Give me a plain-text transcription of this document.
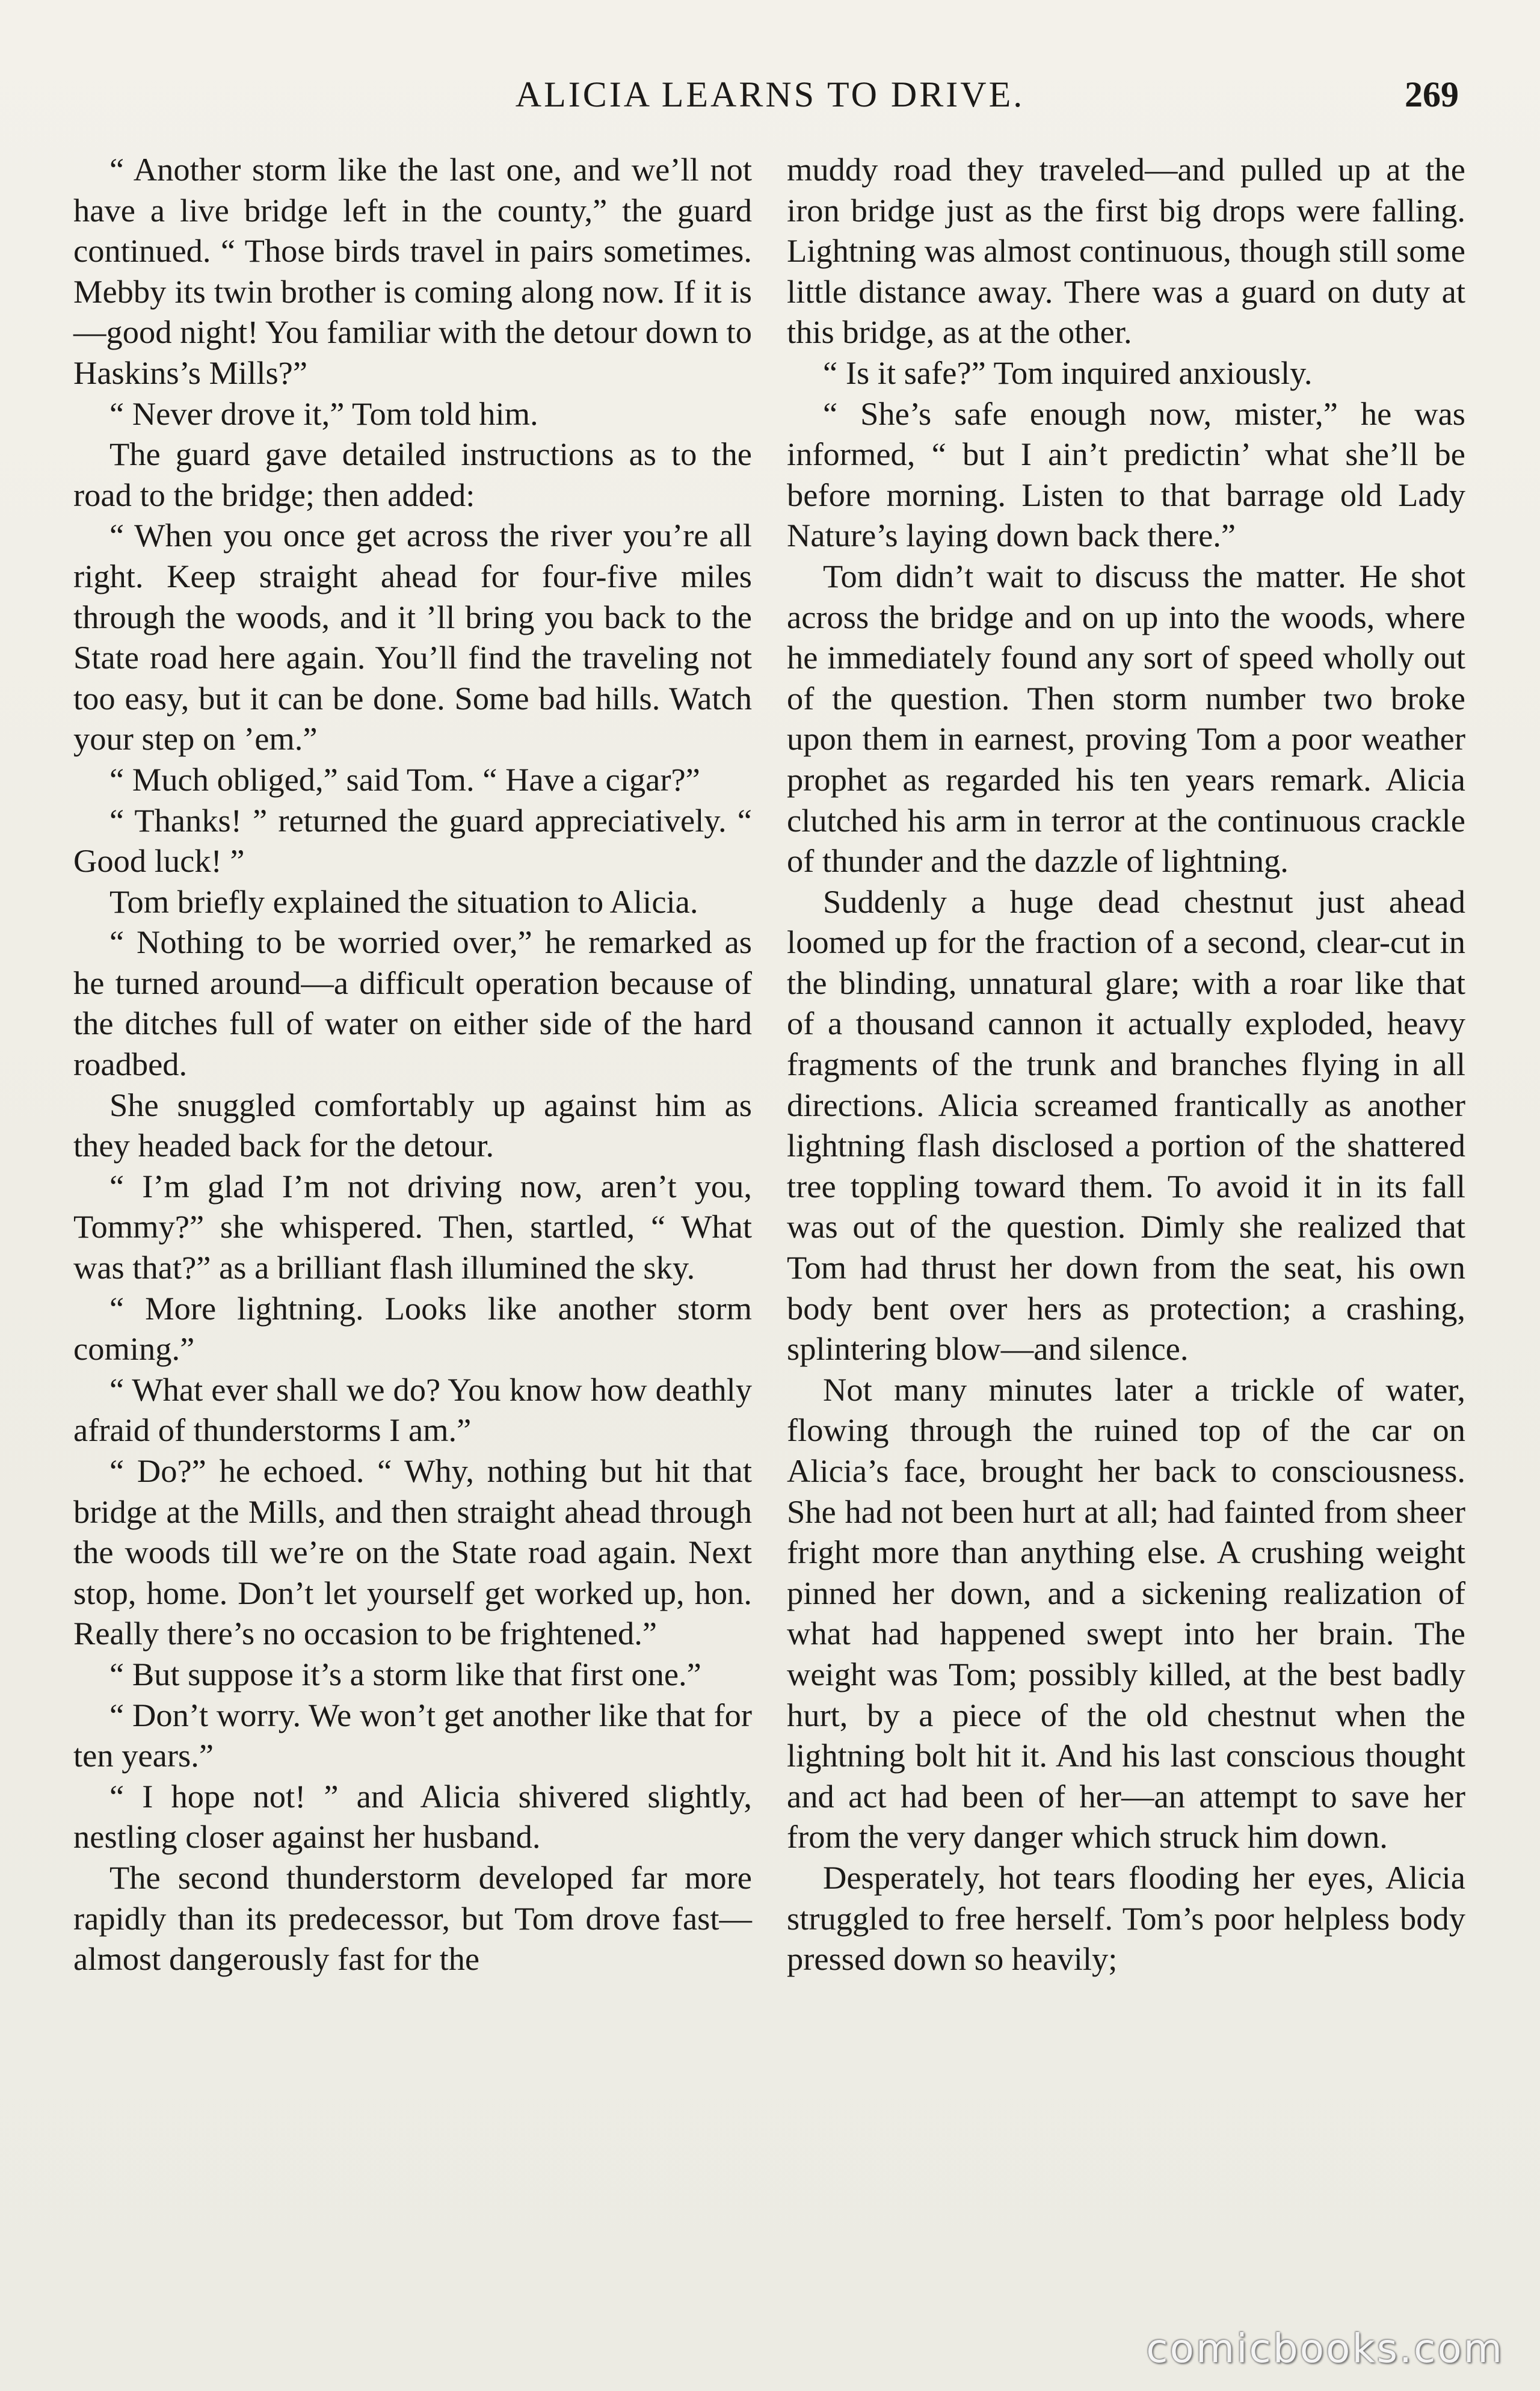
ALICIA LEARNS TO DRIVE.	269

“ Another storm like the last one, and we’ll not have a live bridge left in the county,” the guard continued. “ Those birds travel in pairs sometimes. Mebby its twin brother is coming along now. If it is—good night! You familiar with the detour down to Haskins’s Mills?”

“ Never drove it,” Tom told him.

The guard gave detailed instructions as to the road to the bridge; then added:

“ When you once get across the river you’re all right. Keep straight ahead for four-five miles through the woods, and it ’ll bring you back to the State road here again. You’ll find the traveling not too easy, but it can be done. Some bad hills. Watch your step on ’em.”

“ Much obliged,” said Tom. “ Have a cigar?”

“ Thanks! ” returned the guard appreciatively. “ Good luck! ”

Tom briefly explained the situation to Alicia.

“ Nothing to be worried over,” he remarked as he turned around—a difficult operation because of the ditches full of water on either side of the hard roadbed.

She snuggled comfortably up against him as they headed back for the detour.

“ I’m glad I’m not driving now, aren’t you, Tommy?” she whispered. Then, startled, “ What was that?” as a brilliant flash illumined the sky.

“ More lightning. Looks like another storm coming.”

“ What ever shall we do? You know how deathly afraid of thunderstorms I am.”

“ Do?” he echoed. “ Why, nothing but hit that bridge at the Mills, and then straight ahead through the woods till we’re on the State road again. Next stop, home. Don’t let yourself get worked up, hon. Really there’s no occasion to be frightened.”

“ But suppose it’s a storm like that first one.”

“ Don’t worry. We won’t get another like that for ten years.”

“ I hope not! ” and Alicia shivered slightly, nestling closer against her husband.

The second thunderstorm developed far more rapidly than its predecessor, but Tom drove fast—almost dangerously fast for the

muddy road they traveled—and pulled up at the iron bridge just as the first big drops were falling. Lightning was almost continuous, though still some little distance away. There was a guard on duty at this bridge, as at the other.

“ Is it safe?” Tom inquired anxiously.

“ She’s safe enough now, mister,” he was informed, “ but I ain’t predictin’ what she’ll be before morning. Listen to that barrage old Lady Nature’s laying down back there.”

Tom didn’t wait to discuss the matter. He shot across the bridge and on up into the woods, where he immediately found any sort of speed wholly out of the question. Then storm number two broke upon them in earnest, proving Tom a poor weather prophet as regarded his ten years remark. Alicia clutched his arm in terror at the continuous crackle of thunder and the dazzle of lightning.

Suddenly a huge dead chestnut just ahead loomed up for the fraction of a second, clear-cut in the blinding, unnatural glare; with a roar like that of a thousand cannon it actually exploded, heavy fragments of the trunk and branches flying in all directions. Alicia screamed frantically as another lightning flash disclosed a portion of the shattered tree toppling toward them. To avoid it in its fall was out of the question. Dimly she realized that Tom had thrust her down from the seat, his own body bent over hers as protection; a crashing, splintering blow—and silence.

Not many minutes later a trickle of water, flowing through the ruined top of the car on Alicia’s face, brought her back to consciousness. She had not been hurt at all; had fainted from sheer fright more than anything else. A crushing weight pinned her down, and a sickening realization of what had happened swept into her brain. The weight was Tom; possibly killed, at the best badly hurt, by a piece of the old chestnut when the lightning bolt hit it. And his last conscious thought and act had been of her—an attempt to save her from the very danger which struck him down.

Desperately, hot tears flooding her eyes, Alicia struggled to free herself. Tom’s poor helpless body pressed down so heavily;

comicbooks.com
